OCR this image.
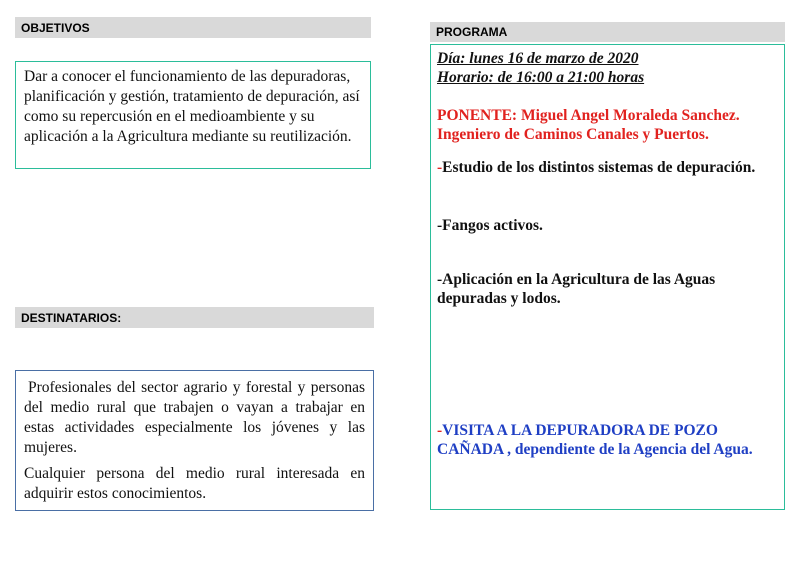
OBJETIVOS
Dar a conocer el funcionamiento de las depuradoras, planificación y gestión, tratamiento de depuración, así como su repercusión en el medioambiente y su aplicación a la Agricultura mediante su reutilización.
DESTINATARIOS:

Profesionales del sector agrario y forestal y personas del medio rural que trabajen o vayan a trabajar en estas actividades especialmente los jóvenes y las mujeres.

Cualquier persona del medio rural interesada en adquirir estos conocimientos.

PROGRAMA
Día: lunes 16 de marzo de 2020
Horario: de 16:00 a 21:00 horas
PONENTE: Miguel Angel Moraleda Sanchez.
Ingeniero de Caminos Canales y Puertos.
-Estudio de los distintos sistemas de depuración.
-Fangos activos.
-Aplicación en la Agricultura de las Aguas depuradas y lodos.
-VISITA A LA DEPURADORA DE POZO CAÑADA , dependiente de la Agencia del Agua.
